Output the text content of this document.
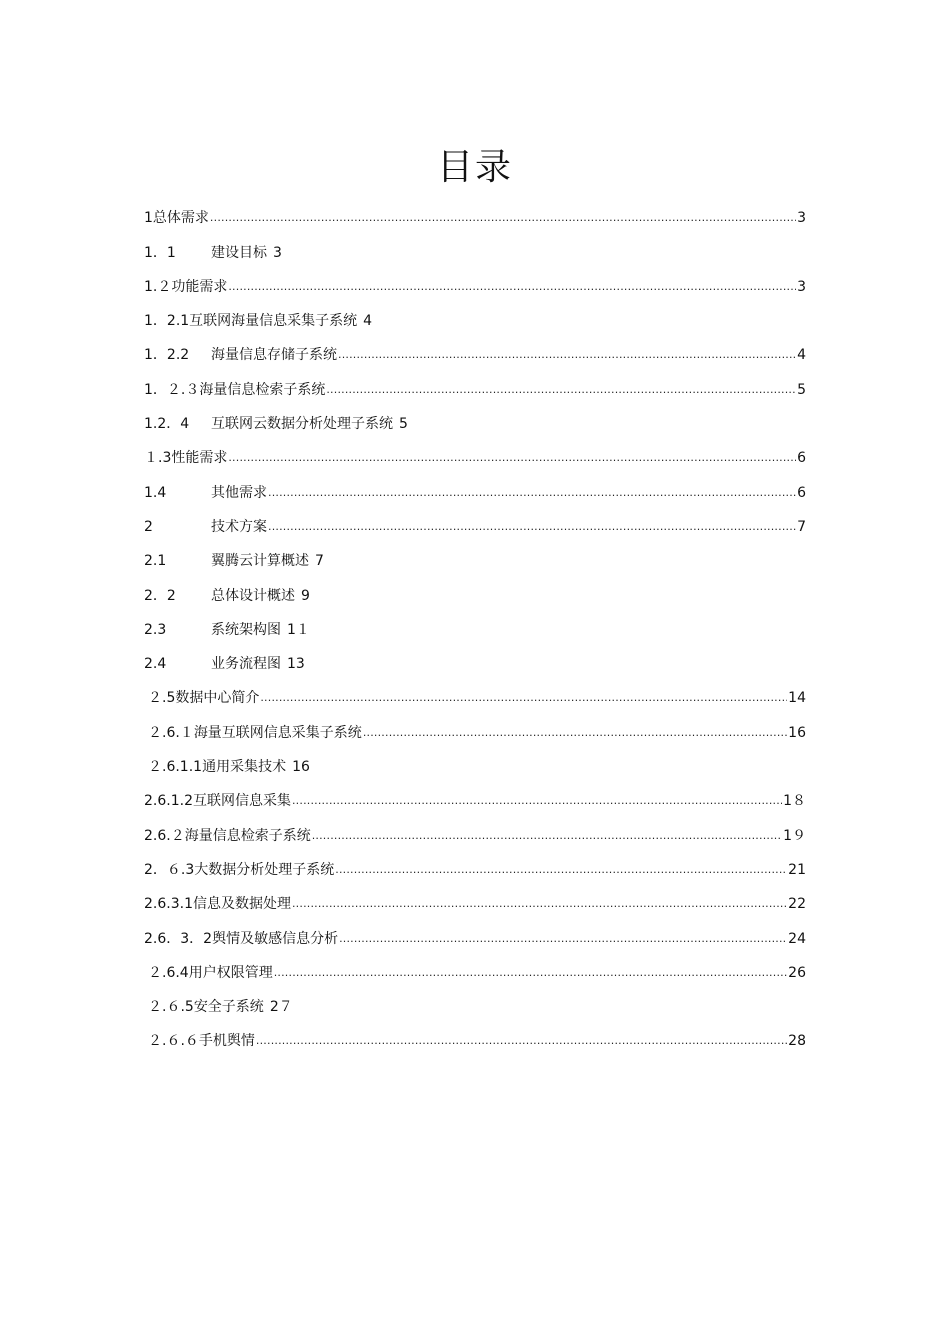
目录
1 总体需求 .....	3
1．1	建设目标 3
1.２ 功能需求 .....	3
1．2.1 互联网海量信息采集子系统 4
1．2.2	海量信息存储子系统 .....	4
1．２.３ 海量信息检索子系统 .....	5
1.2．4	互联网云数据分析处理子系统 5
１.3 性能需求 .....	6
1.4	其他需求 .....	6
2	技术方案 .....	7
2.1	翼腾云计算概述 7
2．2	总体设计概述 9
2.3	系统架构图 1１
2.4	业务流程图 13
２.5 数据中心简介 .....	14
２.6.１ 海量互联网信息采集子系统 .....	16
２.6.1.1 通用采集技术 16
2.6.1.2 互联网信息采集 .....	1８
2.6.２ 海量信息检索子系统 .....	1９
2．６.3 大数据分析处理子系统 .....	21
2.6.3.1 信息及数据处理 .....	22
2.6．3．2 舆情及敏感信息分析 .....	24
２.6.4 用户权限管理 .....	26
２.６.5 安全子系统 2７
２.６.６ 手机舆情 .....	28
